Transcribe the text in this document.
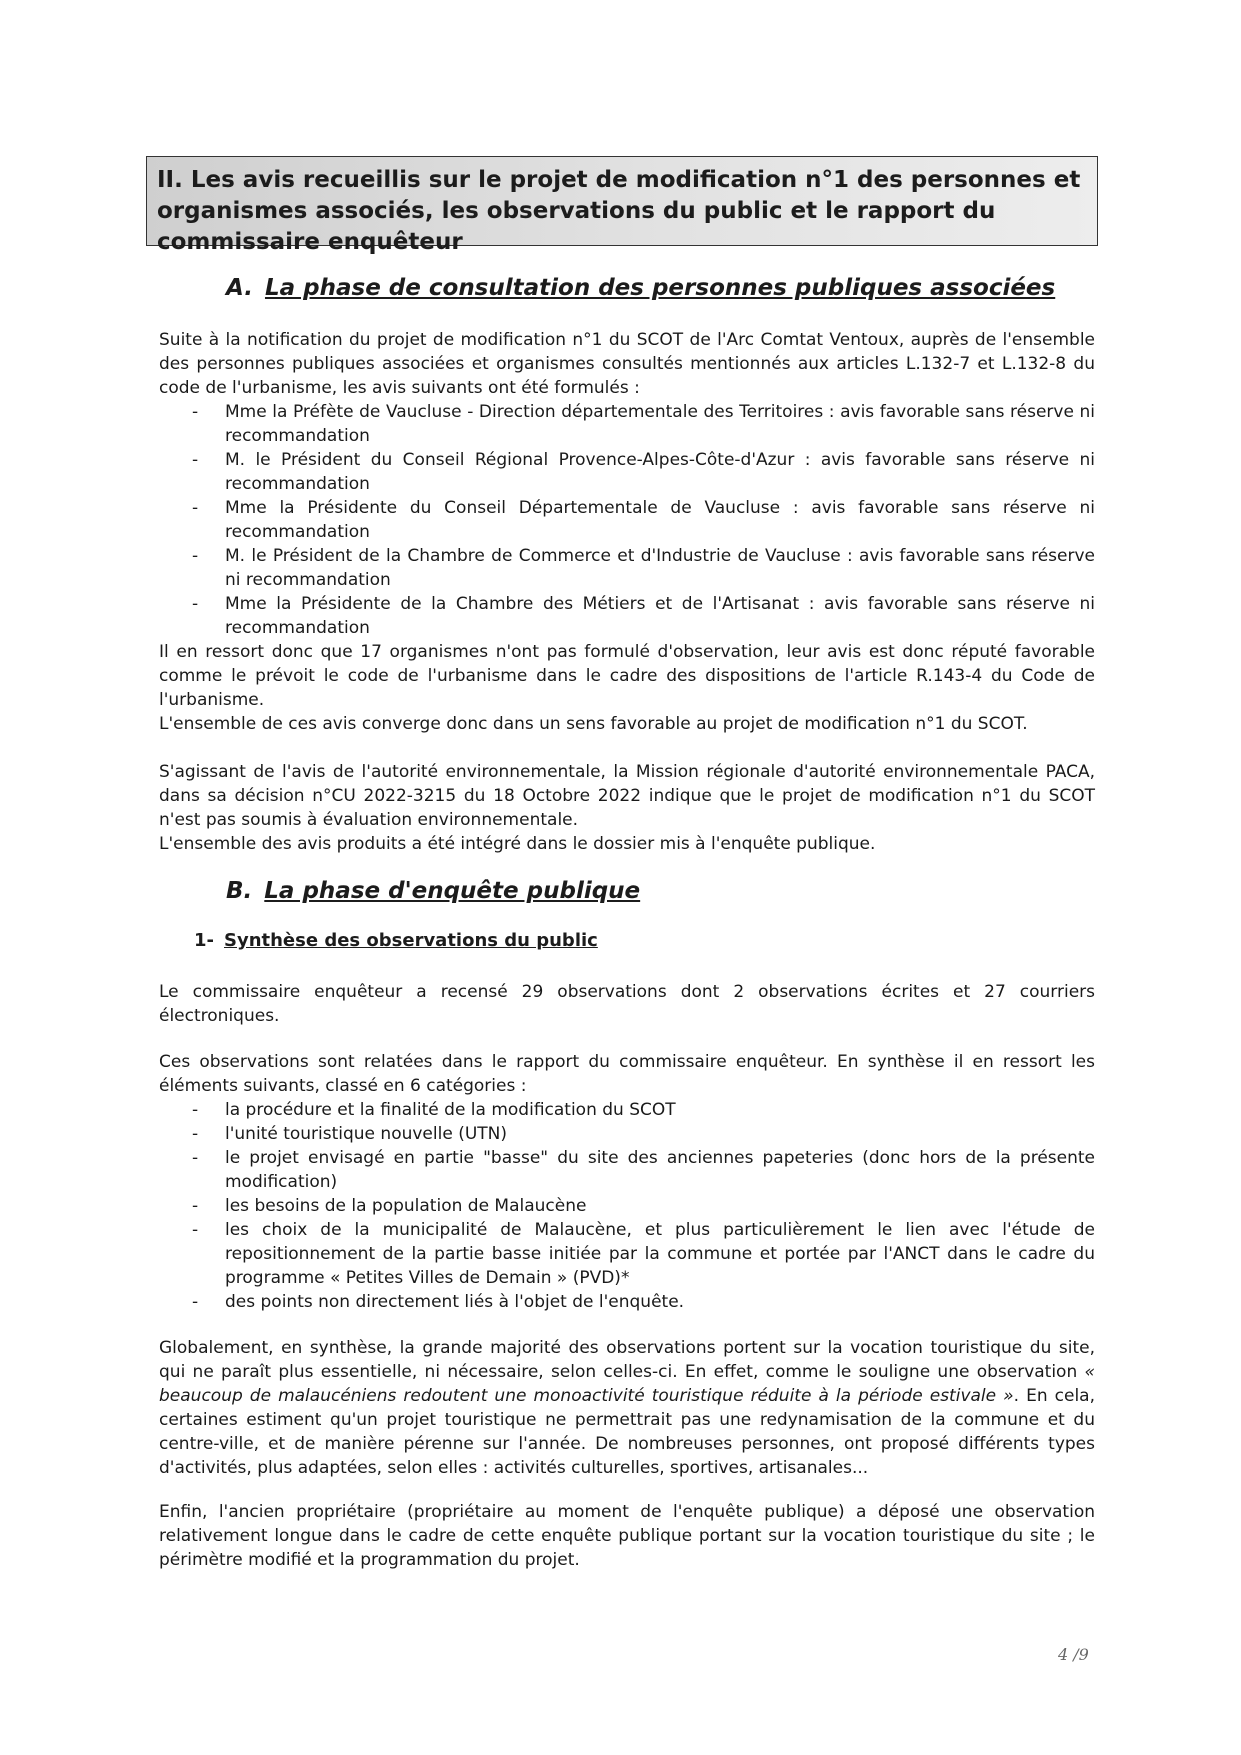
II. Les avis recueillis sur le projet de modification n°1 des personnes et organismes associés, les observations du public et le rapport du commissaire enquêteur

A. La phase de consultation des personnes publiques associées

Suite à la notification du projet de modification n°1 du SCOT de l'Arc Comtat Ventoux, auprès de l'ensemble des personnes publiques associées et organismes consultés mentionnés aux articles L.132-7 et L.132-8 du code de l'urbanisme, les avis suivants ont été formulés :

- Mme la Préfète de Vaucluse - Direction départementale des Territoires : avis favorable sans réserve ni recommandation
- M. le Président du Conseil Régional Provence-Alpes-Côte-d'Azur : avis favorable sans réserve ni recommandation
- Mme la Présidente du Conseil Départementale de Vaucluse : avis favorable sans réserve ni recommandation
- M. le Président de la Chambre de Commerce et d'Industrie de Vaucluse : avis favorable sans réserve ni recommandation
- Mme la Présidente de la Chambre des Métiers et de l'Artisanat : avis favorable sans réserve ni recommandation

Il en ressort donc que 17 organismes n'ont pas formulé d'observation, leur avis est donc réputé favorable comme le prévoit le code de l'urbanisme dans le cadre des dispositions de l'article R.143-4 du Code de l'urbanisme.

L'ensemble de ces avis converge donc dans un sens favorable au projet de modification n°1 du SCOT.

S'agissant de l'avis de l'autorité environnementale, la Mission régionale d'autorité environnementale PACA, dans sa décision n°CU 2022-3215 du 18 Octobre 2022 indique que le projet de modification n°1 du SCOT n'est pas soumis à évaluation environnementale.

L'ensemble des avis produits a été intégré dans le dossier mis à l'enquête publique.

B. La phase d'enquête publique
1- Synthèse des observations du public

Le commissaire enquêteur a recensé 29 observations dont 2 observations écrites et 27 courriers électroniques.

Ces observations sont relatées dans le rapport du commissaire enquêteur. En synthèse il en ressort les éléments suivants, classé en 6 catégories :

- la procédure et la finalité de la modification du SCOT
- l'unité touristique nouvelle (UTN)
- le projet envisagé en partie "basse" du site des anciennes papeteries (donc hors de la présente modification)
- les besoins de la population de Malaucène
- les choix de la municipalité de Malaucène, et plus particulièrement le lien avec l'étude de repositionnement de la partie basse initiée par la commune et portée par l'ANCT dans le cadre du programme « Petites Villes de Demain » (PVD)*
- des points non directement liés à l'objet de l'enquête.

Globalement, en synthèse, la grande majorité des observations portent sur la vocation touristique du site, qui ne paraît plus essentielle, ni nécessaire, selon celles-ci. En effet, comme le souligne une observation « beaucoup de malaucéniens redoutent une monoactivité touristique réduite à la période estivale ». En cela, certaines estiment qu'un projet touristique ne permettrait pas une redynamisation de la commune et du centre-ville, et de manière pérenne sur l'année. De nombreuses personnes, ont proposé différents types d'activités, plus adaptées, selon elles : activités culturelles, sportives, artisanales...

Enfin, l'ancien propriétaire (propriétaire au moment de l'enquête publique) a déposé une observation relativement longue dans le cadre de cette enquête publique portant sur la vocation touristique du site ; le périmètre modifié et la programmation du projet.

4 /9
